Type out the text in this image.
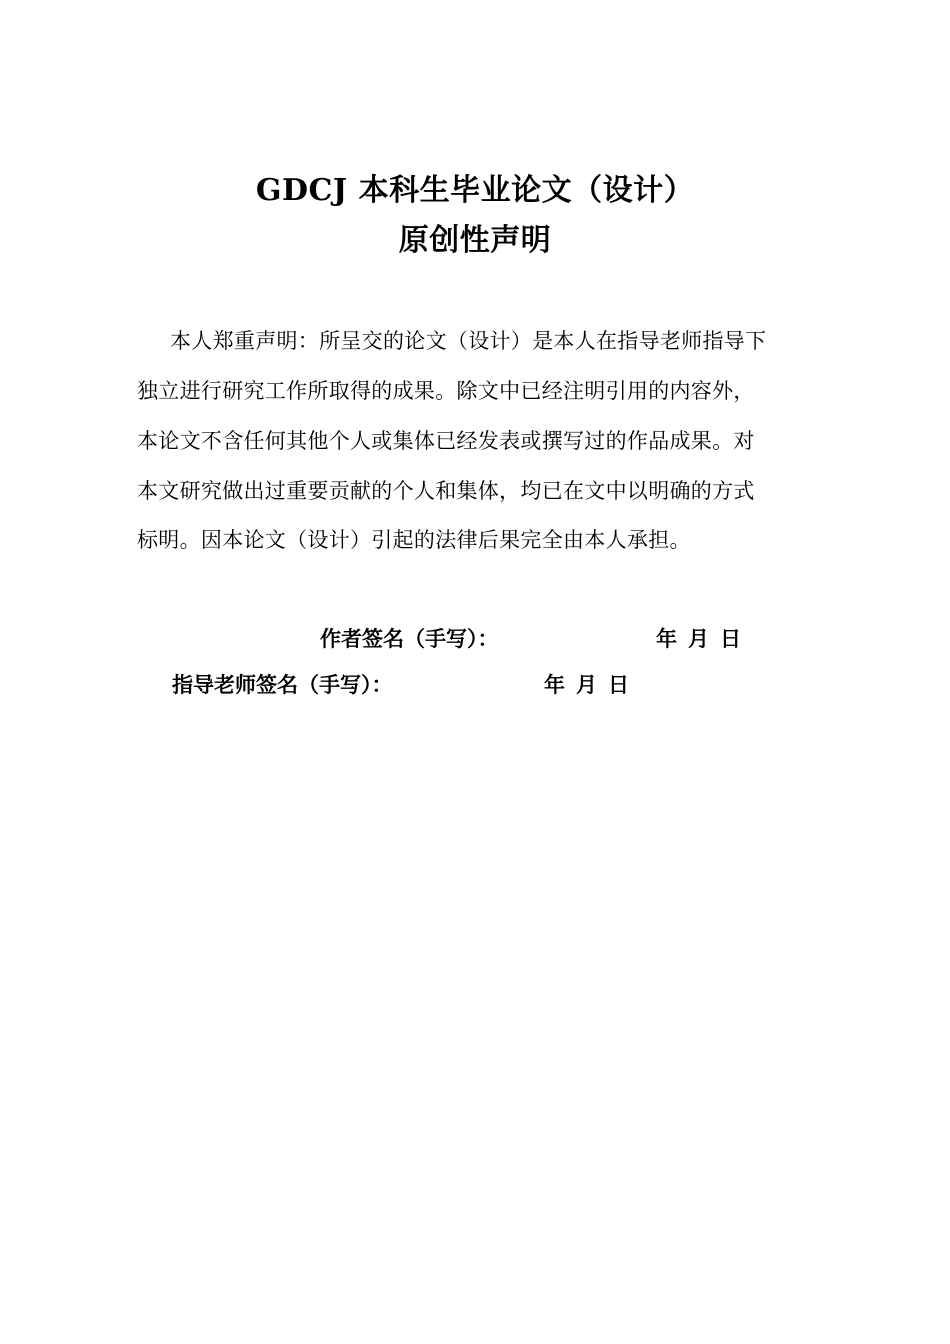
GDCJ 本科生毕业论文（设计）
原创性声明
本人郑重声明：所呈交的论文（设计）是本人在指导老师指导下
独立进行研究工作所取得的成果。除文中已经注明引用的内容外，
本论文不含任何其他个人或集体已经发表或撰写过的作品成果。对
本文研究做出过重要贡献的个人和集体，均已在文中以明确的方式
标明。因本论文（设计）引起的法律后果完全由本人承担。
作者签名（手写）：	年 月 日
指导老师签名（手写）：	年 月 日
